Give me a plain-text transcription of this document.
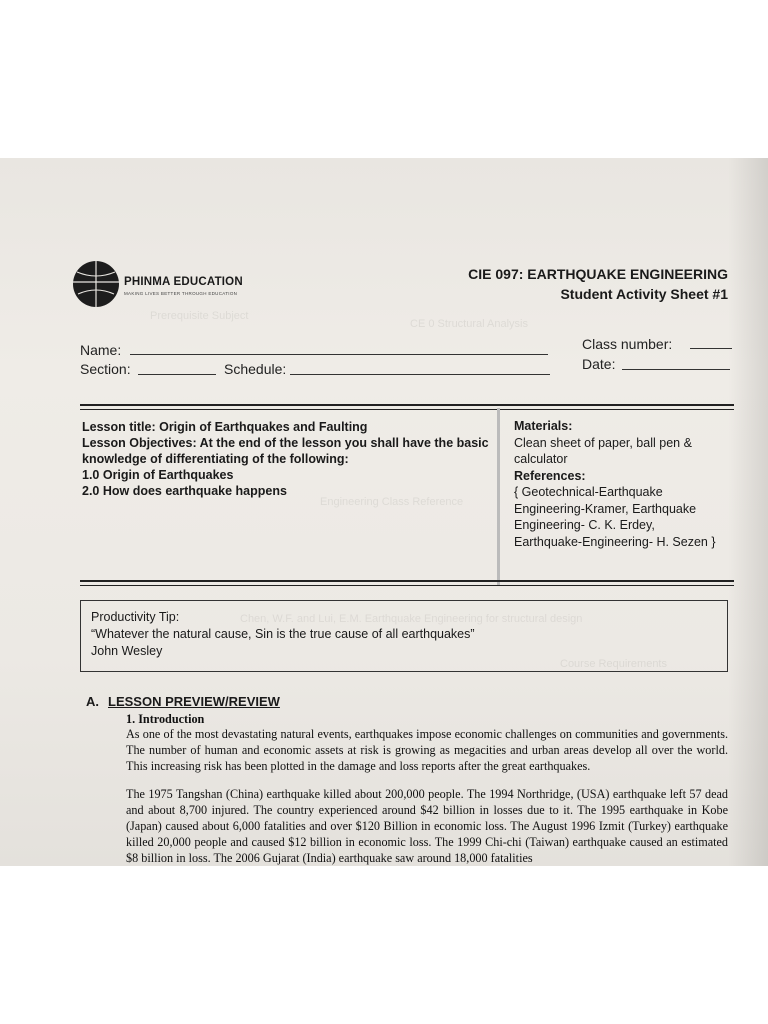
Prerequisite Subject
CE 0 Structural Analysis
Engineering Class Reference
Chen, W.F. and Lui, E.M. Earthquake Engineering for structural design
Course Requirements
PHINMA EDUCATION
MAKING LIVES BETTER THROUGH EDUCATION
CIE 097: EARTHQUAKE ENGINEERING
Student Activity Sheet #1
Name:
Section:	Schedule:
Class number:
Date:
Lesson title: Origin of Earthquakes and Faulting
Lesson Objectives: At the end of the lesson you shall have the basic knowledge of differentiating of the following:
1.0 Origin of Earthquakes
2.0 How does earthquake happens
Materials:
Clean sheet of paper, ball pen & calculator
References:
{ Geotechnical-Earthquake Engineering-Kramer, Earthquake Engineering- C. K. Erdey, Earthquake-Engineering- H. Sezen }
Productivity Tip:
“Whatever the natural cause, Sin is the true cause of all earthquakes”
John Wesley
A. LESSON PREVIEW/REVIEW
1. Introduction
As one of the most devastating natural events, earthquakes impose economic challenges on communities and governments. The number of human and economic assets at risk is growing as megacities and urban areas develop all over the world. This increasing risk has been plotted in the damage and loss reports after the great earthquakes.
The 1975 Tangshan (China) earthquake killed about 200,000 people. The 1994 Northridge, (USA) earthquake left 57 dead and about 8,700 injured. The country experienced around $42 billion in losses due to it. The 1995 earthquake in Kobe (Japan) caused about 6,000 fatalities and over $120 Billion in economic loss. The August 1996 Izmit (Turkey) earthquake killed 20,000 people and caused $12 billion in economic loss. The 1999 Chi-chi (Taiwan) earthquake caused an estimated $8 billion in loss. The 2006 Gujarat (India) earthquake saw around 18,000 fatalities
